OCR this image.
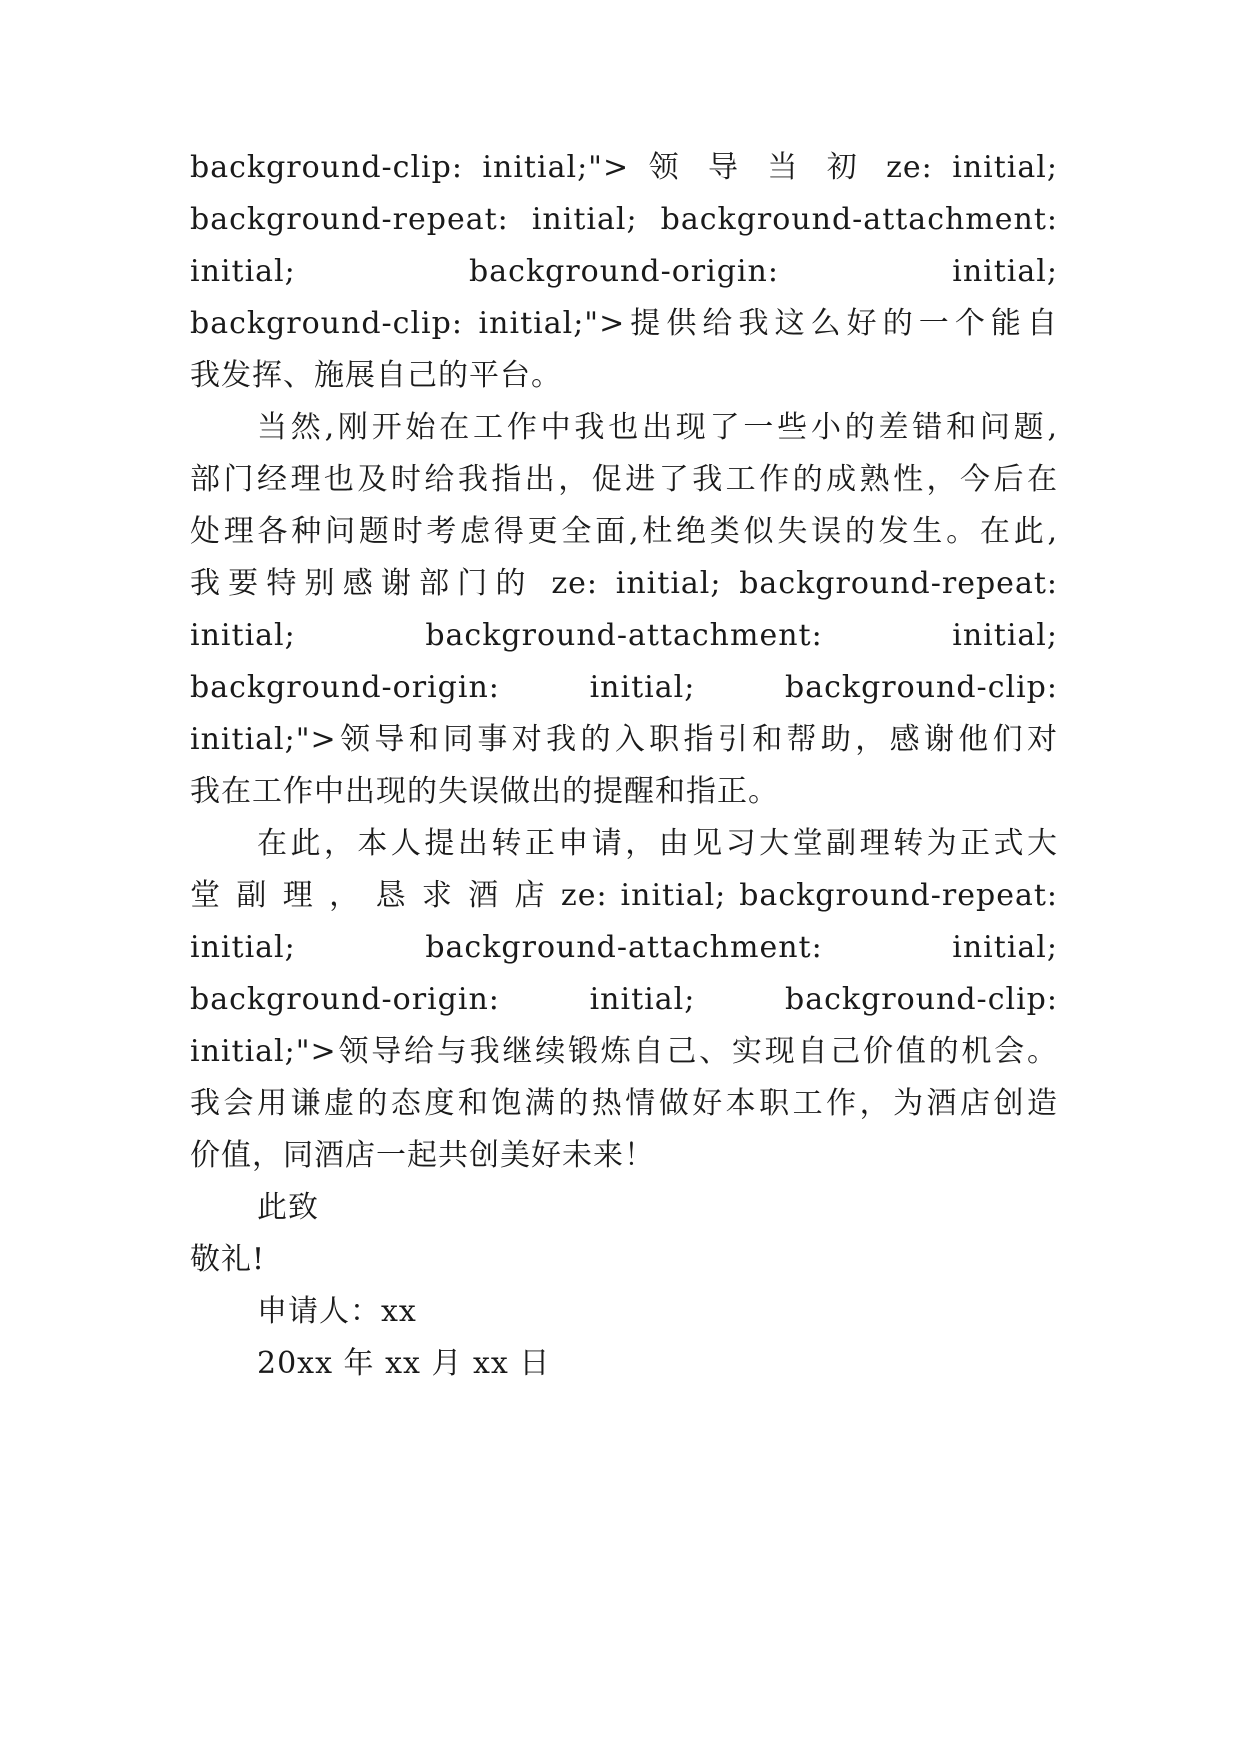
background-clip: initial;"> 领 导 当 初 ze: initial;
background-repeat: initial; background-attachment:
initial; background-origin: initial;
background-clip: initial;">提供给我这么好的一个能自
我发挥、施展自己的平台。
当然,刚开始在工作中我也出现了一些小的差错和问题,
部门经理也及时给我指出，促进了我工作的成熟性，今后在
处理各种问题时考虑得更全面,杜绝类似失误的发生。在此,
我要特别感谢部门的 ze: initial; background-repeat:
initial; background-attachment: initial;
background-origin: initial; background-clip:
initial;">领导和同事对我的入职指引和帮助，感谢他们对
我在工作中出现的失误做出的提醒和指正。
在此，本人提出转正申请，由见习大堂副理转为正式大
堂 副 理 ， 恳 求 酒 店 ze: initial; background-repeat:
initial; background-attachment: initial;
background-origin: initial; background-clip:
initial;">领导给与我继续锻炼自己、实现自己价值的机会。
我会用谦虚的态度和饱满的热情做好本职工作，为酒店创造
价值，同酒店一起共创美好未来！
此致
敬礼!
申请人：xx
20xx 年 xx 月 xx 日
